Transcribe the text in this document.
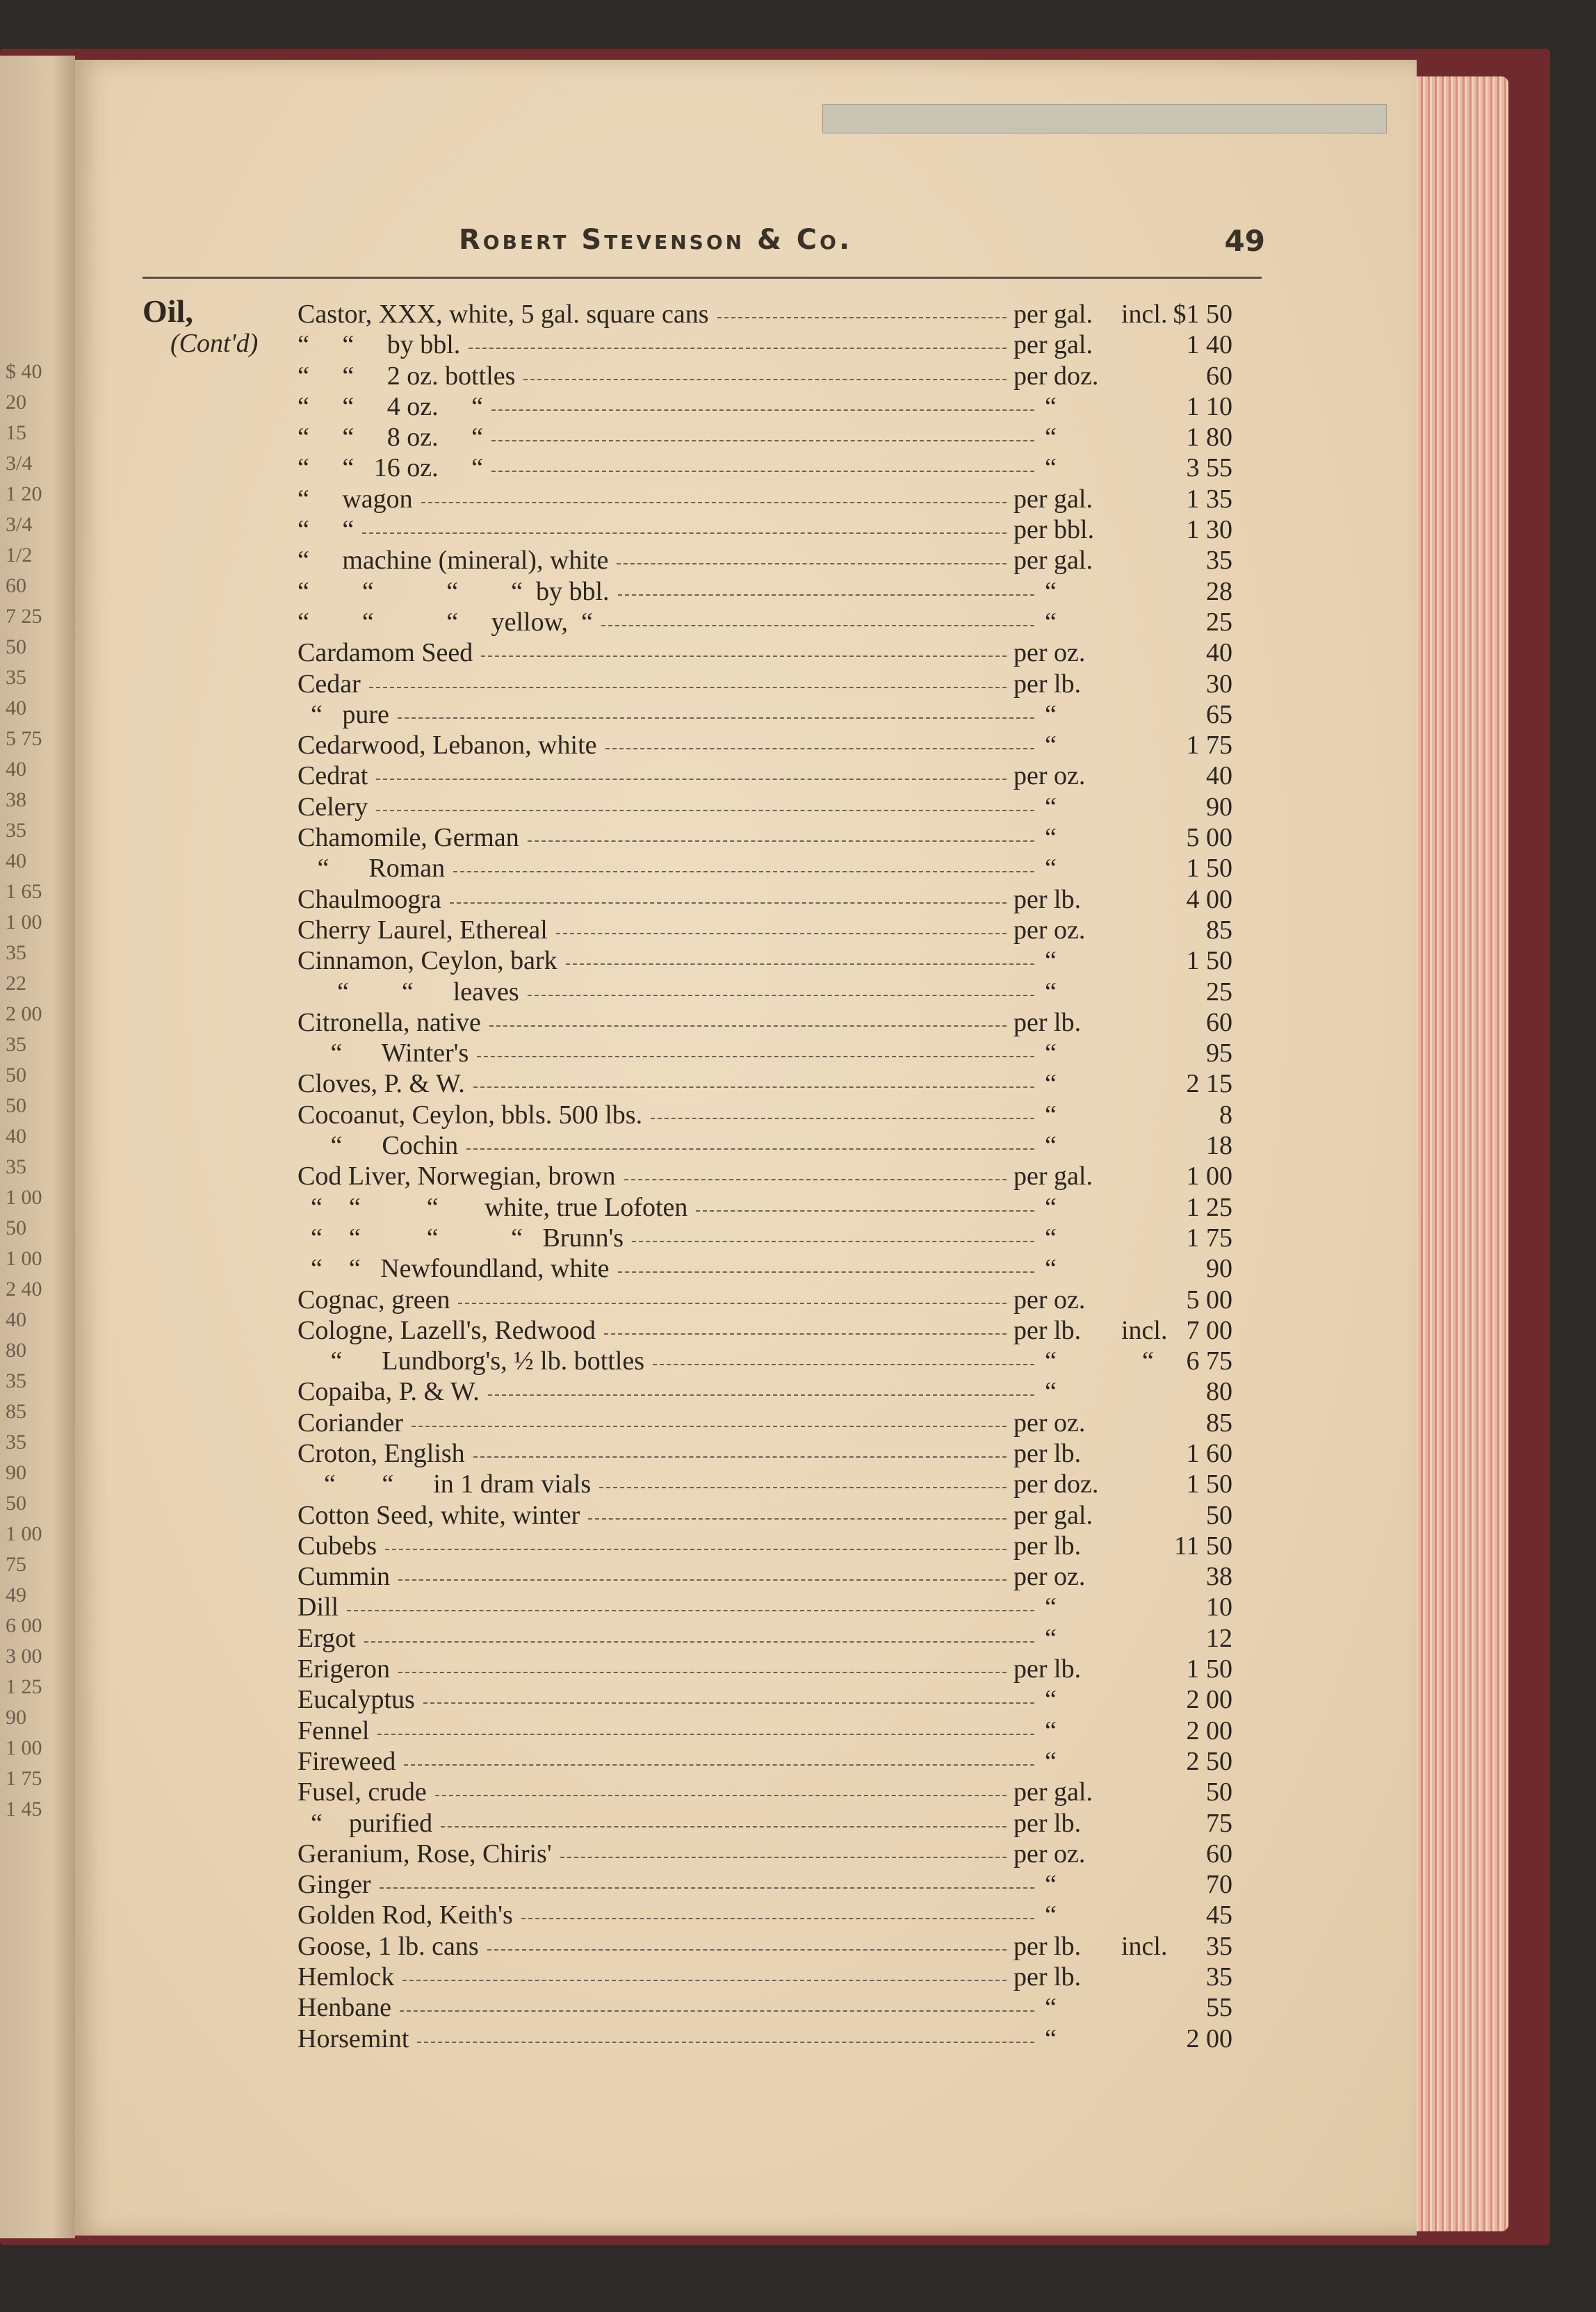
$ 40
20
15
3/4
1 20
3/4
1/2
60
7 25
50
35
40
5 75
40
38
35
40
1 65
1 00
35
22
2 00
35
50
50
40
35
1 00
50
1 00
2 40
40
80
35
85
35
90
50
1 00
75
49
6 00
3 00
1 25
90
1 00
1 75
1 45
Robert Stevenson & Co.	49
Oil,
(Cont'd)
Castor, XXX, white, 5 gal. square cans	per gal. incl. $1 50
“     “     by bbl.	per gal.	1 40
“     “     2 oz. bottles	per doz.	60
“     “     4 oz.     “	“	1 10
“     “     8 oz.     “	“	1 80
“     “   16 oz.     “	“	3 55
“     wagon	per gal.	1 35
“     “	per bbl.	1 30
“     machine (mineral), white	per gal.	35
“        “           “        “  by bbl.	“	28
“        “           “     yellow,  “	“	25
Cardamom Seed	per oz.	40
Cedar	per lb.	30
“   pure	“	65
Cedarwood, Lebanon, white	“	1 75
Cedrat	per oz.	40
Celery	“	90
Chamomile, German	“	5 00
“      Roman	“	1 50
Chaulmoogra	per lb.	4 00
Cherry Laurel, Ethereal	per oz.	85
Cinnamon, Ceylon, bark	“	1 50
“        “      leaves	“	25
Citronella, native	per lb.	60
“      Winter's	“	95
Cloves, P. & W.	“	2 15
Cocoanut, Ceylon, bbls. 500 lbs.	“	8
“      Cochin	“	18
Cod Liver, Norwegian, brown	per gal.	1 00
“    “          “       white, true Lofoten	“	1 25
“    “          “           “   Brunn's	“	1 75
“    “   Newfoundland, white	“	90
Cognac, green	per oz.	5 00
Cologne, Lazell's, Redwood	per lb. incl. 7 00
“      Lundborg's, ½ lb. bottles	“	“	6 75
Copaiba, P. & W.	“	80
Coriander	per oz.	85
Croton, English	per lb.	1 60
“       “      in 1 dram vials	per doz.	1 50
Cotton Seed, white, winter	per gal.	50
Cubebs	per lb.	11 50
Cummin	per oz.	38
Dill	“	10
Ergot	“	12
Erigeron	per lb.	1 50
Eucalyptus	“	2 00
Fennel	“	2 00
Fireweed	“	2 50
Fusel, crude	per gal.	50
“    purified	per lb.	75
Geranium, Rose, Chiris'	per oz.	60
Ginger	“	70
Golden Rod, Keith's	“	45
Goose, 1 lb. cans	per lb. incl.	35
Hemlock	per lb.	35
Henbane	“	55
Horsemint	“	2 00
